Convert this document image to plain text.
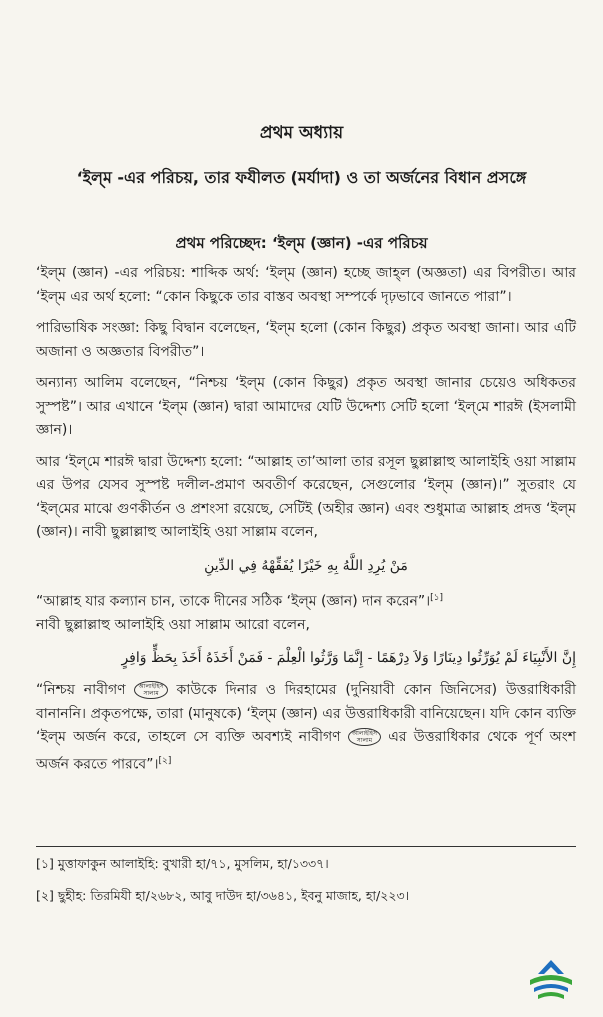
প্রথম অধ্যায়
‘ইল্‌ম -এর পরিচয়, তার ফযীলত (মর্যাদা) ও তা অর্জনের বিধান প্রসঙ্গে
প্রথম পরিচ্ছেদ: ‘ইল্‌ম (জ্ঞান) -এর পরিচয়

‘ইল্‌ম (জ্ঞান) -এর পরিচয়: শাব্দিক অর্থ: ‘ইল্‌ম (জ্ঞান) হচ্ছে জাহ্‌ল (অজ্ঞতা) এর বিপরীত। আর ‘ইল্‌ম এর অর্থ হলো: “কোন কিছুকে তার বাস্তব অবস্থা সম্পর্কে দৃঢ়ভাবে জানতে পারা”।

পারিভাষিক সংজ্ঞা: কিছু বিদ্বান বলেছেন, ‘ইল্‌ম হলো (কোন কিছুর) প্রকৃত অবস্থা জানা। আর এটি অজানা ও অজ্ঞতার বিপরীত”।

অন্যান্য আলিম বলেছেন, “নিশ্চয় ‘ইল্‌ম (কোন কিছুর) প্রকৃত অবস্থা জানার চেয়েও অধিকতর সুস্পষ্ট”। আর এখানে ‘ইল্‌ম (জ্ঞান) দ্বারা আমাদের যেটি উদ্দেশ্য সেটি হলো ‘ইল্‌মে শারঈ (ইসলামী জ্ঞান)।

আর ‘ইল্‌মে শারঈ দ্বারা উদ্দেশ্য হলো: “আল্লাহ তা’আলা তার রসূল ছুল্লাল্লাহু আলাইহি ওয়া সাল্লাম এর উপর যেসব সুস্পষ্ট দলীল-প্রমাণ অবতীর্ণ করেছেন, সেগুলোর ‘ইল্‌ম (জ্ঞান)।” সুতরাং যে ‘ইল্‌মের মাঝে গুণকীর্তন ও প্রশংসা রয়েছে, সেটিই (অহীর জ্ঞান) এবং শুধুমাত্র আল্লাহ প্রদত্ত ‘ইল্‌ম (জ্ঞান)। নাবী ছুল্লাল্লাহু আলাইহি ওয়া সাল্লাম বলেন,

مَنْ يُرِدِ اللَّهُ بِهِ خَيْرًا يُفَقِّهْهُ فِي الدِّينِ

“আল্লাহ যার কল্যান চান, তাকে দীনের সঠিক ‘ইল্‌ম (জ্ঞান) দান করেন”।[১]

নাবী ছুল্লাল্লাহু আলাইহি ওয়া সাল্লাম আরো বলেন,

إِنَّ الأَنْبِيَاءَ لَمْ يُوَرِّثُوا دِينَارًا وَلاَ دِرْهَمًا - إِنَّمَا وَرَّثُوا الْعِلْمَ - فَمَنْ أَخَذَهُ أَخَذَ بِحَظٍّ وَافِرٍ

“নিশ্চয় নাবীগণ আলাইহিস
সালাম কাউকে দিনার ও দিরহামের (দুনিয়াবী কোন জিনিসের) উত্তরাধিকারী বানাননি। প্রকৃতপক্ষে, তারা (মানুষকে) ‘ইল্‌ম (জ্ঞান) এর উত্তরাধিকারী বানিয়েছেন। যদি কোন ব্যক্তি ‘ইল্‌ম অর্জন করে, তাহলে সে ব্যক্তি অবশ্যই নাবীগণ আলাইহিস
সালাম এর উত্তরাধিকার থেকে পূর্ণ অংশ অর্জন করতে পারবে”।[২]

[১] মুত্তাফাকুন আলাইহি: বুখারী হা/৭১, মুসলিম, হা/১৩৩৭।

[২] ছুহীহ: তিরমিযী হা/২৬৮২, আবু দাউদ হা/৩৬৪১, ইবনু মাজাহ, হা/২২৩।
